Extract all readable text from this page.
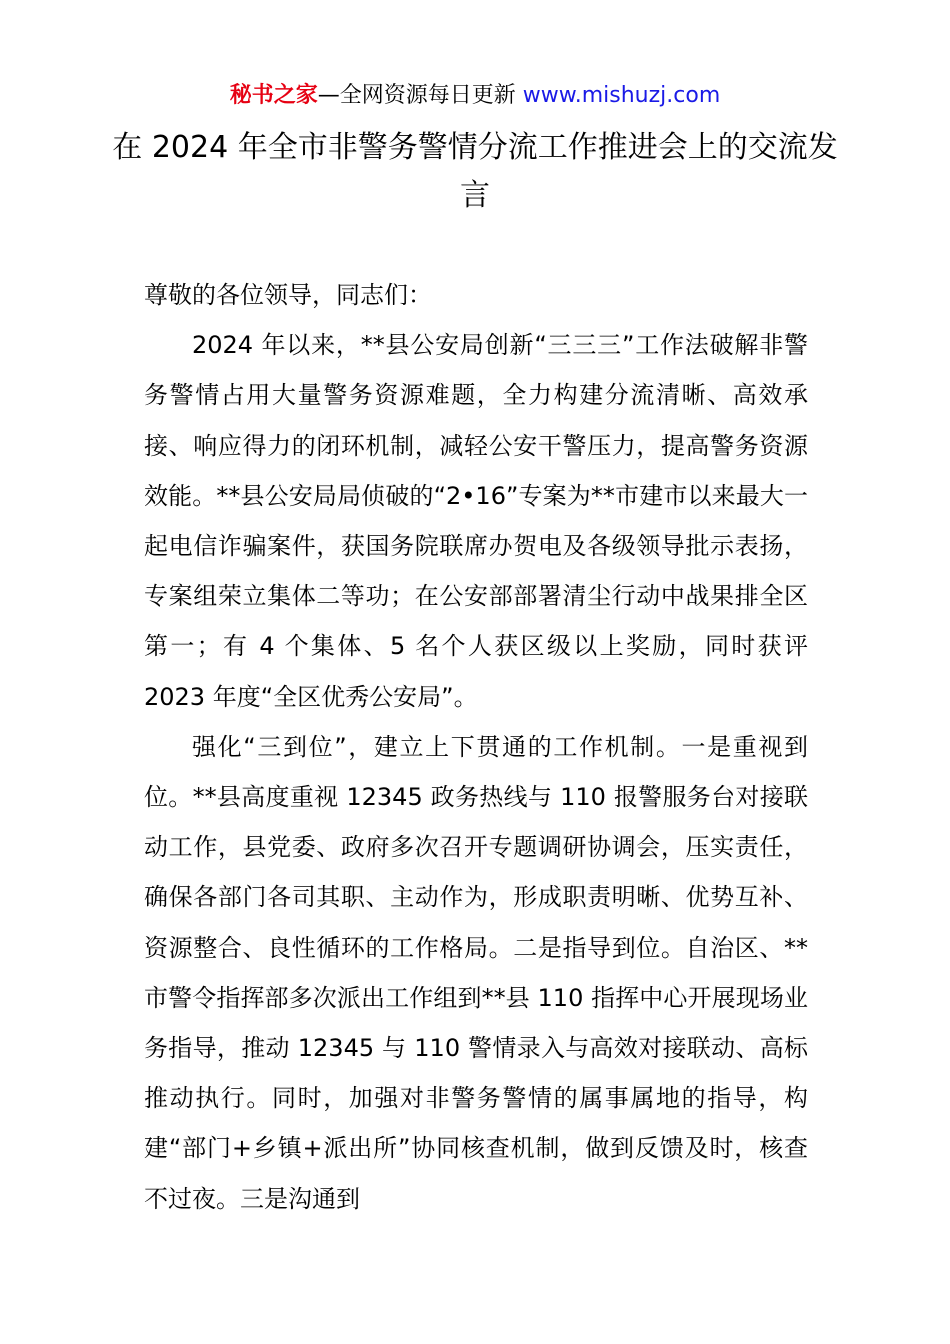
秘书之家—全网资源每日更新 www.mishuzj.com
在 2024 年全市非警务警情分流工作推进会上的交流发言

尊敬的各位领导，同志们：

2024 年以来，**县公安局创新“三三三”工作法破解非警务警情占用大量警务资源难题，全力构建分流清晰、高效承接、响应得力的闭环机制，减轻公安干警压力，提高警务资源效能。**县公安局局侦破的“2•16”专案为**市建市以来最大一起电信诈骗案件，获国务院联席办贺电及各级领导批示表扬，专案组荣立集体二等功；在公安部部署清尘行动中战果排全区第一；有 4 个集体、5 名个人获区级以上奖励，同时获评 2023 年度“全区优秀公安局”。

强化“三到位”，建立上下贯通的工作机制。一是重视到位。**县高度重视 12345 政务热线与 110 报警服务台对接联动工作，县党委、政府多次召开专题调研协调会，压实责任，确保各部门各司其职、主动作为，形成职责明晰、优势互补、资源整合、良性循环的工作格局。二是指导到位。自治区、**市警令指挥部多次派出工作组到**县 110 指挥中心开展现场业务指导，推动 12345 与 110 警情录入与高效对接联动、高标推动执行。同时，加强对非警务警情的属事属地的指导，构建“部门+乡镇+派出所”协同核查机制，做到反馈及时，核查不过夜。三是沟通到
